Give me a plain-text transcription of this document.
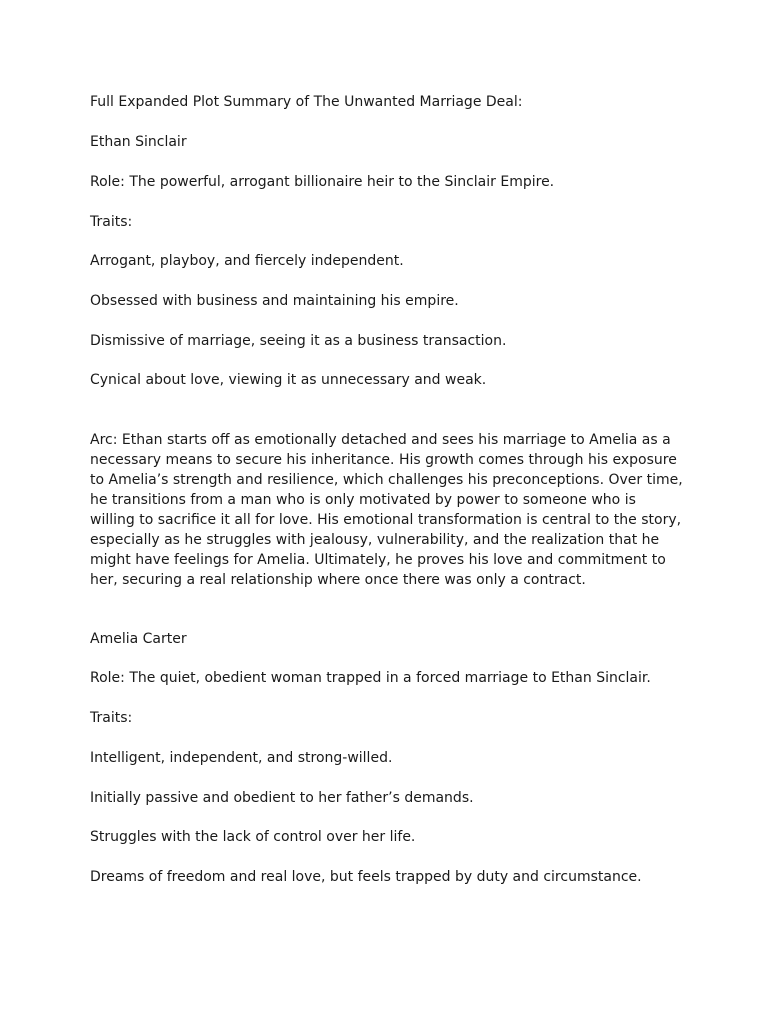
Full Expanded Plot Summary of The Unwanted Marriage Deal:

Ethan Sinclair

Role: The powerful, arrogant billionaire heir to the Sinclair Empire.

Traits:

Arrogant, playboy, and fiercely independent.

Obsessed with business and maintaining his empire.

Dismissive of marriage, seeing it as a business transaction.

Cynical about love, viewing it as unnecessary and weak.

Arc: Ethan starts off as emotionally detached and sees his marriage to Amelia as a
necessary means to secure his inheritance. His growth comes through his exposure
to Amelia’s strength and resilience, which challenges his preconceptions. Over time,
he transitions from a man who is only motivated by power to someone who is
willing to sacrifice it all for love. His emotional transformation is central to the story,
especially as he struggles with jealousy, vulnerability, and the realization that he
might have feelings for Amelia. Ultimately, he proves his love and commitment to
her, securing a real relationship where once there was only a contract.

Amelia Carter

Role: The quiet, obedient woman trapped in a forced marriage to Ethan Sinclair.

Traits:

Intelligent, independent, and strong-willed.

Initially passive and obedient to her father’s demands.

Struggles with the lack of control over her life.

Dreams of freedom and real love, but feels trapped by duty and circumstance.
